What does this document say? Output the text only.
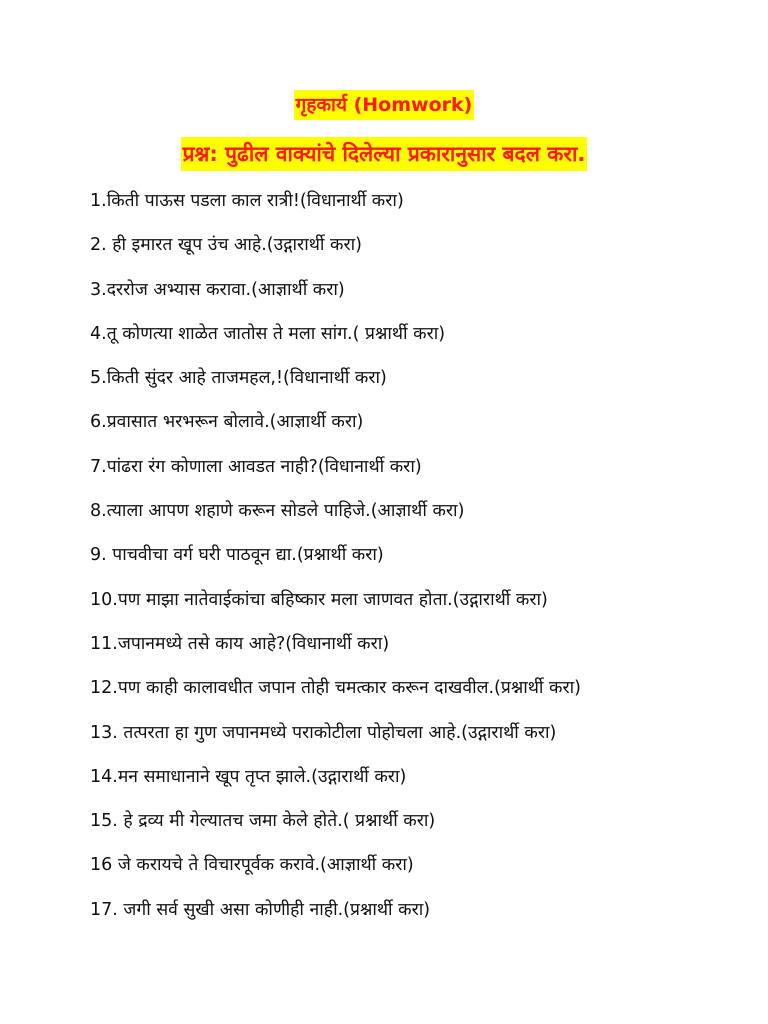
गृहकार्य (Homwork)
प्रश्न: पुढील वाक्यांचे दिलेल्या प्रकारानुसार बदल करा.
1.किती पाऊस पडला काल रात्री!(विधानार्थी करा)
2. ही इमारत खूप उंच आहे.(उद्गारार्थी करा)
3.दररोज अभ्यास करावा.(आज्ञार्थी करा)
4.तू कोणत्या शाळेत जातोस ते मला सांग.( प्रश्नार्थी करा)
5.किती सुंदर आहे ताजमहल,!(विधानार्थी करा)
6.प्रवासात भरभरून बोलावे.(आज्ञार्थी करा)
7.पांढरा रंग कोणाला आवडत नाही?(विधानार्थी करा)
8.त्याला आपण शहाणे करून सोडले पाहिजे.(आज्ञार्थी करा)
9. पाचवीचा वर्ग घरी पाठवून द्या.(प्रश्नार्थी करा)
10.पण माझा नातेवाईकांचा बहिष्कार मला जाणवत होता.(उद्गारार्थी करा)
11.जपानमध्ये तसे काय आहे?(विधानार्थी करा)
12.पण काही कालावधीत जपान तोही चमत्कार करून दाखवील.(प्रश्नार्थी करा)
13. तत्परता हा गुण जपानमध्ये पराकोटीला पोहोचला आहे.(उद्गारार्थी करा)
14.मन समाधानाने खूप तृप्त झाले.(उद्गारार्थी करा)
15. हे द्रव्य मी गेल्यातच जमा केले होते.( प्रश्नार्थी करा)
16 जे करायचे ते विचारपूर्वक करावे.(आज्ञार्थी करा)
17. जगी सर्व सुखी असा कोणीही नाही.(प्रश्नार्थी करा)
